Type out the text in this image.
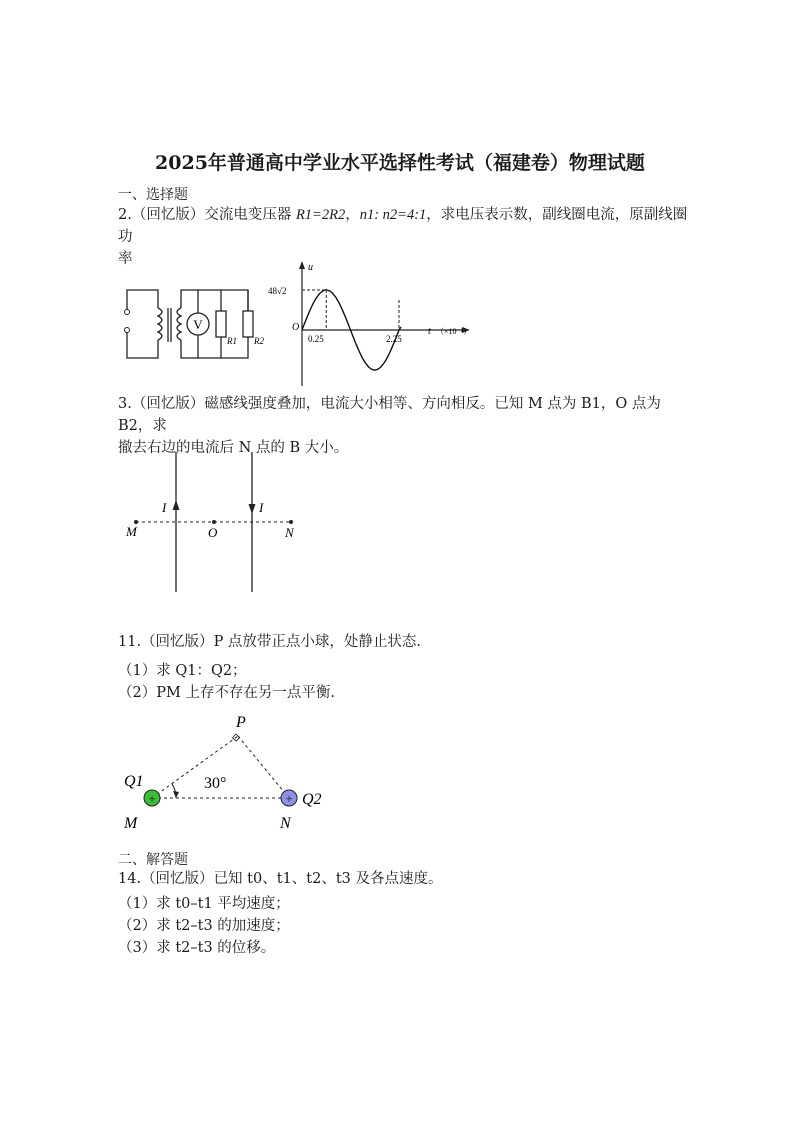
2025年普通高中学业水平选择性考试（福建卷）物理试题
一、选择题
2.（回忆版）交流电变压器 R1=2R2，n1: n2=4:1，求电压表示数，副线圈电流，原副线圈功
率
V
R1 R2
u
48√2
O
0.25	2.25
t （×10⁻²）
3.（回忆版）磁感线强度叠加，电流大小相等、方向相反。已知 M 点为 B1，O 点为 B2，求
撤去右边的电流后 N 点的 B 大小。
I	I
M	O	N
11.（回忆版）P 点放带正点小球，处静止状态.
（1）求 Q1：Q2；
（2）PM 上存不存在另一点平衡.
+	+
P
Q1
Q2
30°
M	N
二、解答题
14.（回忆版）已知 t0、t1、t2、t3 及各点速度。
（1）求 t0–t1 平均速度；
（2）求 t2–t3 的加速度；
（3）求 t2–t3 的位移。
